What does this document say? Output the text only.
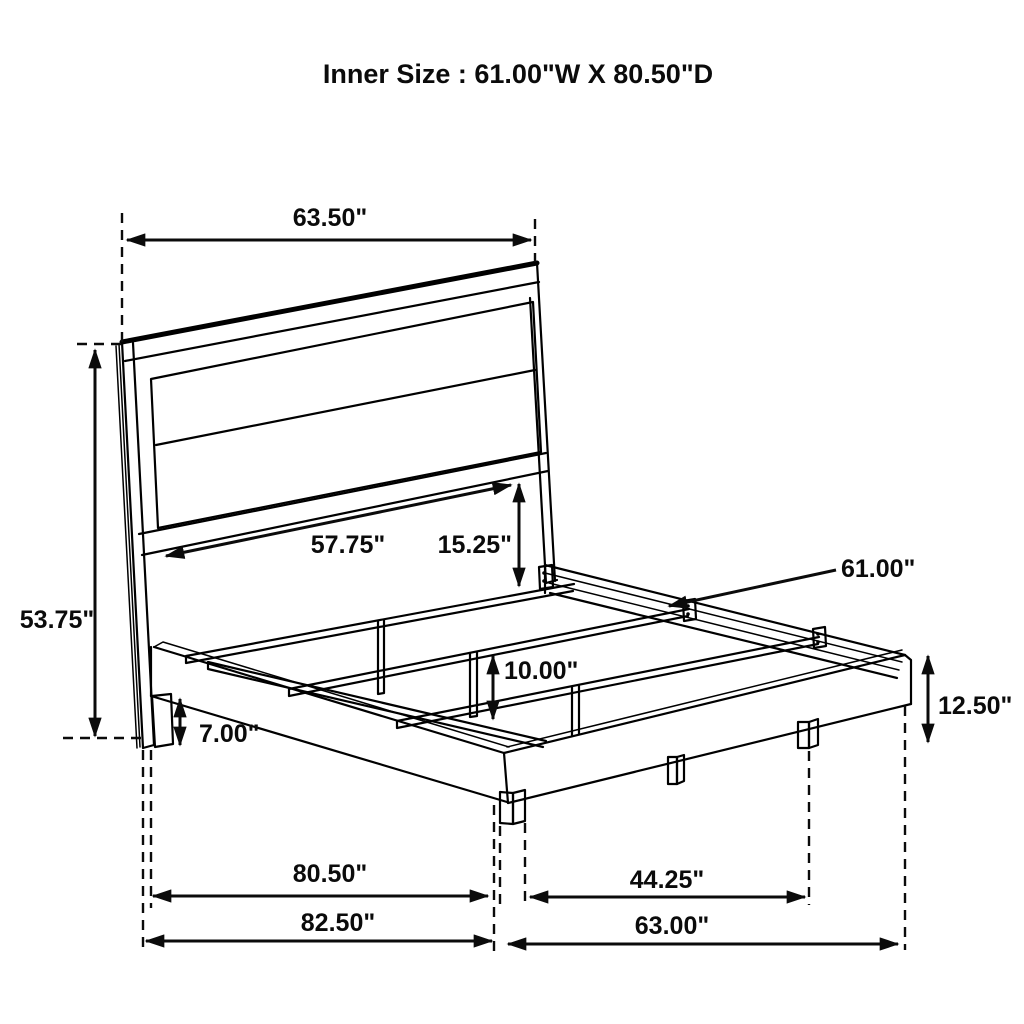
Inner Size : 61.00"W X 80.50"D
63.50"
53.75"
57.75" 15.25"
61.00"
10.00"
7.00"
12.50"
80.50"
82.50"
44.25"
63.00"
